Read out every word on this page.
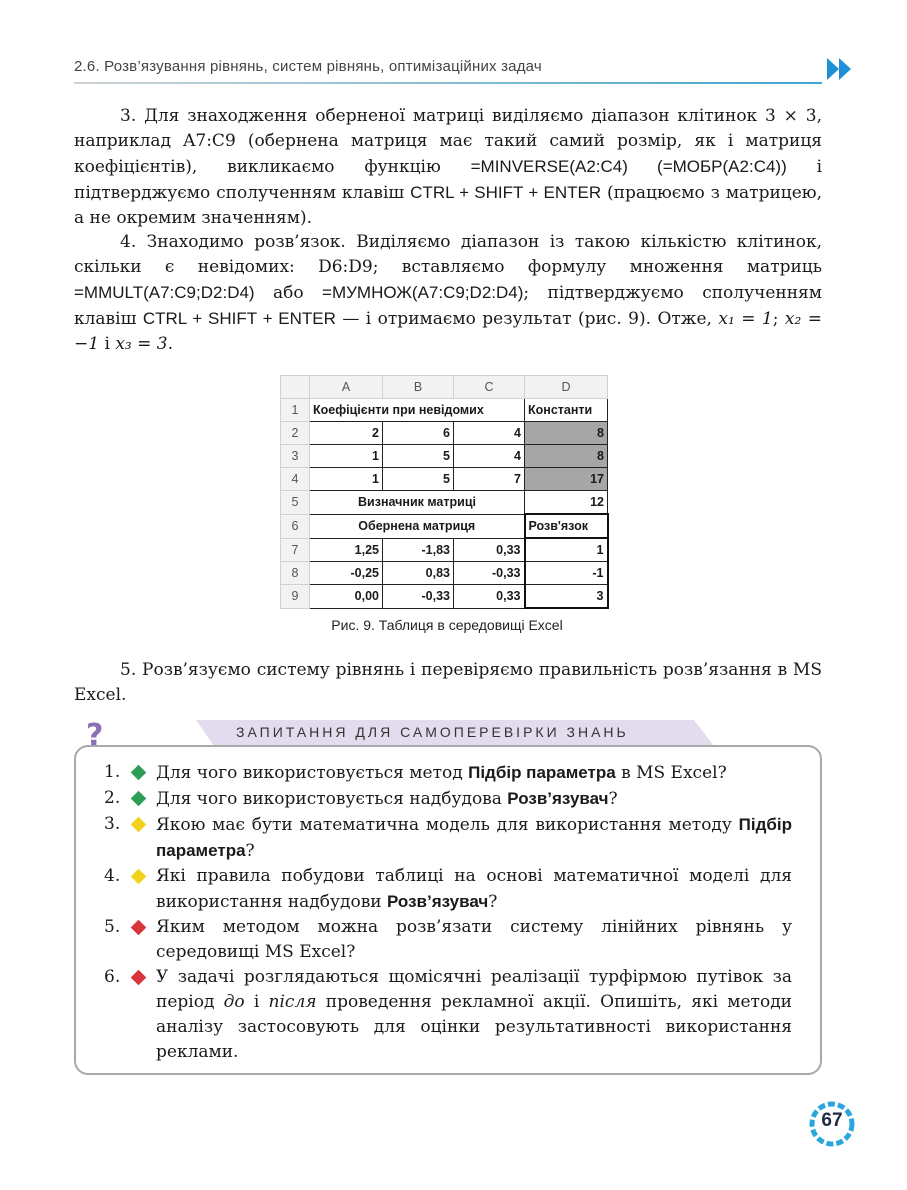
2.6. Розв’язування рівнянь, систем рівнянь, оптимізаційних задач
3. Для знаходження оберненої матриці виділяємо діапазон клітинок 3 × 3, наприклад A7:C9 (обернена матриця має такий самий розмір, як і матриця коефіцієнтів), викликаємо функцію =MINVERSE(A2:C4) (=МОБР(A2:C4)) і підтверджуємо сполученням клавіш CTRL + SHIFT + ENTER (працюємо з матрицею, а не окремим значенням).
4. Знаходимо розв’язок. Виділяємо діапазон із такою кількістю клітинок, скільки є невідомих: D6:D9; вставляємо формулу множення матриць =MMULT(A7:C9;D2:D4) або =МУМНОЖ(A7:C9;D2:D4); підтверджуємо сполученням клавіш CTRL + SHIFT + ENTER — і отримаємо результат (рис. 9). Отже, x₁ = 1; x₂ = −1 і x₃ = 3.
	A	B	C	D
1	Коефіцієнти при невідомих			Константи
2	2	6	4	8
3	1	5	4	8
4	1	5	7	17
5	Визначник матриці			12
6	Обернена матриця			Розв'язок
7	1,25	-1,83	0,33	1
8	-0,25	0,83	-0,33	-1
9	0,00	-0,33	0,33	3
Рис. 9. Таблиця в середовищі Excel
5. Розв’язуємо систему рівнянь і перевіряємо правильність розв’язання в MS Excel.
?	ЗАПИТАННЯ ДЛЯ САМОПЕРЕВІРКИ ЗНАНЬ
1. Для чого використовується метод Підбір параметра в MS Excel?
2. Для чого використовується надбудова Розв’язувач?
3. Якою має бути математична модель для використання методу Підбір параметра?
4. Які правила побудови таблиці на основі математичної моделі для використання надбудови Розв’язувач?
5. Яким методом можна розв’язати систему лінійних рівнянь у середовищі MS Excel?
6. У задачі розглядаються щомісячні реалізації турфірмою путівок за період до і після проведення рекламної акції. Опишіть, які методи аналізу застосовують для оцінки результативності використання реклами.
67
